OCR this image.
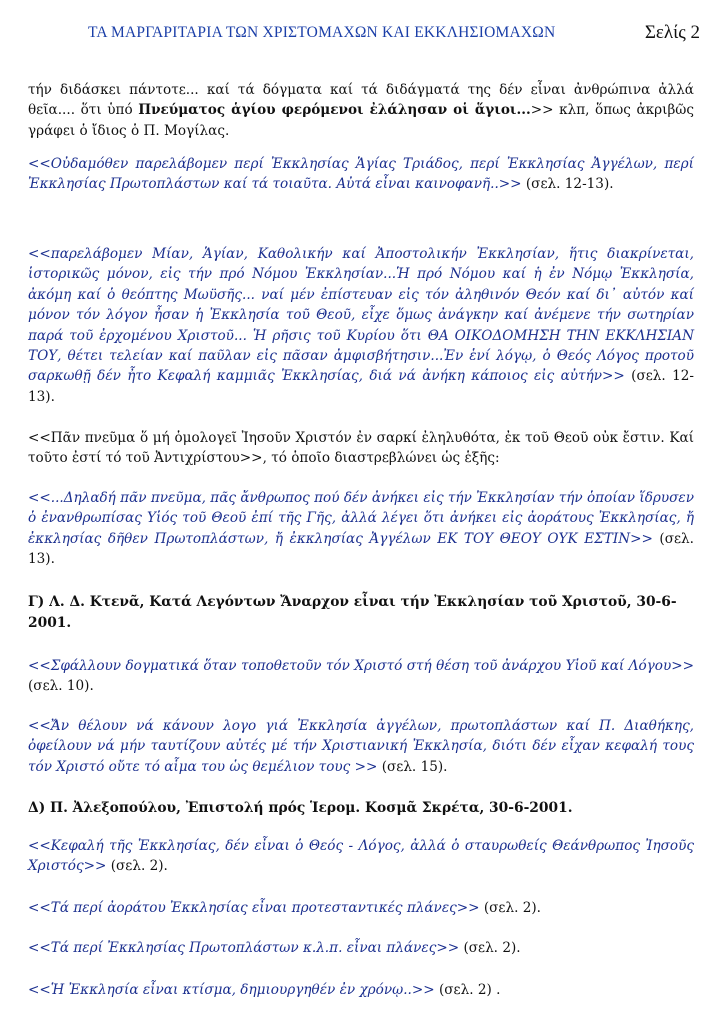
ΤΑ ΜΑΡΓΑΡΙΤΑΡΙΑ ΤΩΝ ΧΡΙΣΤΟΜΑΧΩΝ ΚΑΙ ΕΚΚΛΗΣΙΟΜΑΧΩΝ	Σελίς 2

τήν διδάσκει πάντοτε... καί τά δόγματα καί τά διδάγματά της δέν εἶναι ἀνθρώπινα ἀλλά θεῖα.... ὅτι ὑπό Πνεύματος ἁγίου φερόμενοι ἐλάλησαν οἱ ἅγιοι...>> κλπ, ὅπως ἀκριβῶς γράφει ὁ ἴδιος ὁ Π. Μογίλας.

<<Οὐδαμόθεν παρελάβομεν περί Ἐκκλησίας Ἁγίας Τριάδος, περί Ἐκκλησίας Ἀγγέλων, περί Ἐκκλησίας Πρωτοπλάστων καί τά τοιαῦτα. Αὐτά εἶναι καινοφανῆ..>> (σελ. 12-13).

<<παρελάβομεν Μίαν, Ἁγίαν, Καθολικήν καί Ἀποστολικήν Ἐκκλησίαν, ἥτις διακρίνεται, ἱστορικῶς μόνον, εἰς τήν πρό Νόμου Ἐκκλησίαν...Ἡ πρό Νόμου καί ἡ ἐν Νόμῳ Ἐκκλησία, ἀκόμη καί ὁ θεόπτης Μωϋσῆς... ναί μέν ἐπίστευαν εἰς τόν ἀληθινόν Θεόν καί δι᾽ αὐτόν καί μόνον τόν λόγον ἦσαν ἡ Ἐκκλησία τοῦ Θεοῦ, εἶχε ὅμως ἀνάγκην καί ἀνέμενε τήν σωτηρίαν παρά τοῦ ἐρχομένου Χριστοῦ... Ἡ ρῆσις τοῦ Κυρίου ὅτι ΘΑ ΟΙΚΟΔΟΜΗΣΗ ΤΗΝ ΕΚΚΛΗΣΙΑΝ ΤΟΥ, θέτει τελείαν καί παῦλαν εἰς πᾶσαν ἀμφισβήτησιν...Ἐν ἑνί λόγῳ, ὁ Θεός Λόγος προτοῦ σαρκωθῇ δέν ἦτο Κεφαλή καμμιᾶς Ἐκκλησίας, διά νά ἀνήκη κάποιος εἰς αὐτήν>> (σελ. 12-13).

<<Πᾶν πνεῦμα ὅ μή ὁμολογεῖ Ἰησοῦν Χριστόν ἐν σαρκί ἐληλυθότα, ἐκ τοῦ Θεοῦ οὐκ ἔστιν. Καί τοῦτο ἐστί τό τοῦ Ἀντιχρίστου>>, τό ὁποῖο διαστρεβλώνει ὡς ἑξῆς:

<<...Δηλαδή πᾶν πνεῦμα, πᾶς ἄνθρωπος πού δέν ἀνήκει εἰς τήν Ἐκκλησίαν τήν ὁποίαν ἵδρυσεν ὁ ἐνανθρωπίσας Υἱός τοῦ Θεοῦ ἐπί τῆς Γῆς, ἀλλά λέγει ὅτι ἀνήκει εἰς ἀοράτους Ἐκκλησίας, ἤ ἐκκλησίας δῆθεν Πρωτοπλάστων, ἤ ἐκκλησίας Ἀγγέλων ΕΚ ΤΟΥ ΘΕΟΥ ΟΥΚ ΕΣΤΙΝ>> (σελ. 13).

Γ) Λ. Δ. Κτενᾶ, Κατά Λεγόντων Ἄναρχον εἶναι τήν Ἐκκλησίαν τοῦ Χριστοῦ, 30-6-2001.

<<Σφάλλουν δογματικά ὅταν τοποθετοῦν τόν Χριστό στή θέση τοῦ ἀνάρχου Υἱοῦ καί Λόγου>> (σελ. 10).

<<Ἄν θέλουν νά κάνουν λογο γιά Ἐκκλησία ἀγγέλων, πρωτοπλάστων καί Π. Διαθήκης, ὀφείλουν νά μήν ταυτίζουν αὐτές μέ τήν Χριστιανική Ἐκκλησία, διότι δέν εἶχαν κεφαλή τους τόν Χριστό οὔτε τό αἷμα του ὡς θεμέλιον τους >> (σελ. 15).

Δ) Π. Ἀλεξοπούλου, Ἐπιστολή πρός Ἱερομ. Κοσμᾶ Σκρέτα, 30-6-2001.

<<Κεφαλή τῆς Ἐκκλησίας, δέν εἶναι ὁ Θεός - Λόγος, ἀλλά ὁ σταυρωθείς Θεάνθρωπος Ἰησοῦς Χριστός>> (σελ. 2).

<<Τά περί ἀοράτου Ἐκκλησίας εἶναι προτεσταντικές πλάνες>> (σελ. 2).

<<Τά περί Ἐκκλησίας Πρωτοπλάστων κ.λ.π. εἶναι πλάνες>> (σελ. 2).

<<Ἡ Ἐκκλησία εἶναι κτίσμα, δημιουργηθέν ἐν χρόνῳ..>> (σελ. 2) .
